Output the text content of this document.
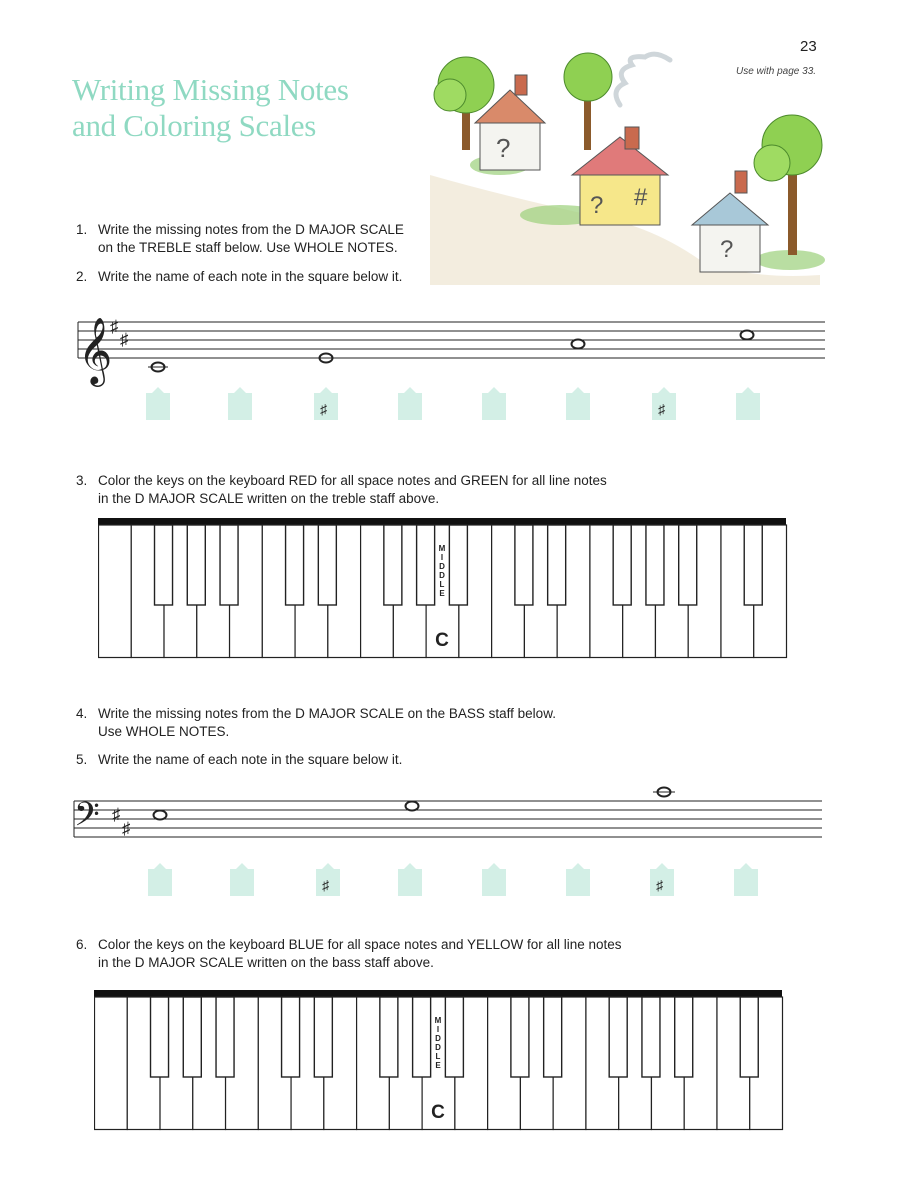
23
Use with page 33.
Writing Missing Notes
and Coloring Scales
?
? #
?
1. Write the missing notes from the D MAJOR SCALE
on the TREBLE staff below. Use WHOLE NOTES.
2. Write the name of each note in the square below it.
𝄞
♯
♯
♯	♯
3. Color the keys on the keyboard RED for all space notes and GREEN for all line notes
in the D MAJOR SCALE written on the treble staff above.
M
I
D
D
L
E
C
4. Write the missing notes from the D MAJOR SCALE on the BASS staff below.
Use WHOLE NOTES.
5. Write the name of each note in the square below it.
𝄢 ♯
♯
♯	♯
6. Color the keys on the keyboard BLUE for all space notes and YELLOW for all line notes
in the D MAJOR SCALE written on the bass staff above.
M
I
D
D
L
E
C
